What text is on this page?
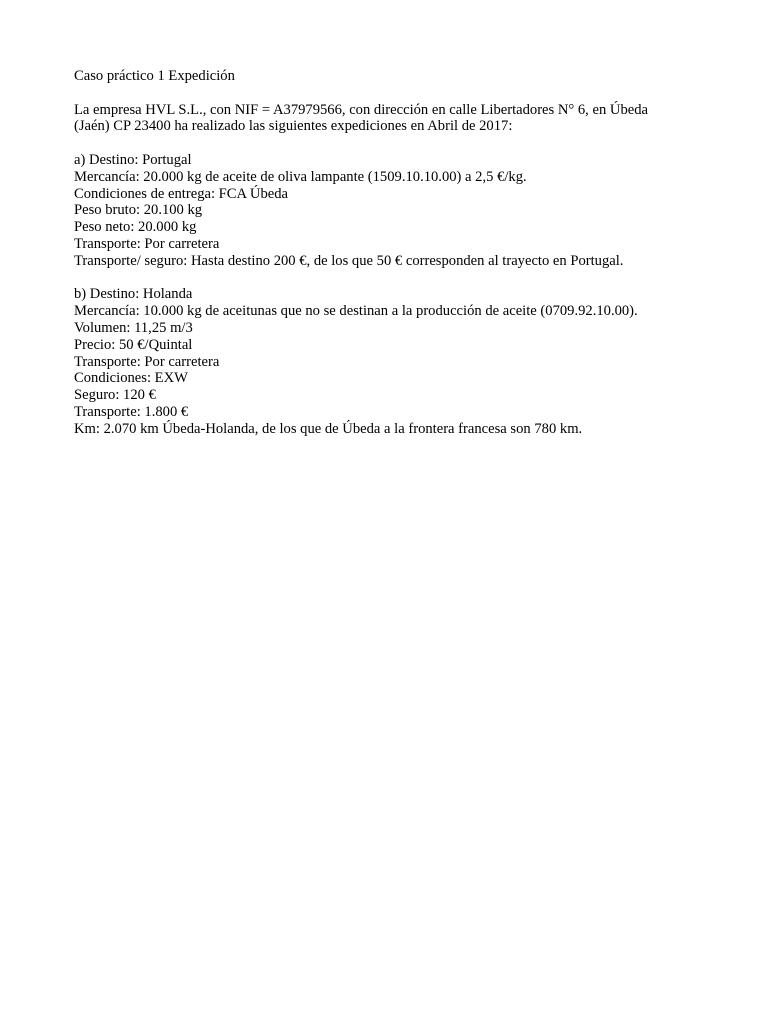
Caso práctico 1 Expedición
La empresa HVL S.L., con NIF = A37979566, con dirección en calle Libertadores N° 6, en Úbeda
(Jaén) CP 23400 ha realizado las siguientes expediciones en Abril de 2017:
a) Destino: Portugal
Mercancía: 20.000 kg de aceite de oliva lampante (1509.10.10.00) a 2,5 €/kg.
Condiciones de entrega: FCA Úbeda
Peso bruto: 20.100 kg
Peso neto: 20.000 kg
Transporte: Por carretera
Transporte/ seguro: Hasta destino 200 €, de los que 50 € corresponden al trayecto en Portugal.
b) Destino: Holanda
Mercancía: 10.000 kg de aceitunas que no se destinan a la producción de aceite (0709.92.10.00).
Volumen: 11,25 m/3
Precio: 50 €/Quintal
Transporte: Por carretera
Condiciones: EXW
Seguro: 120 €
Transporte: 1.800 €
Km: 2.070 km Úbeda-Holanda, de los que de Úbeda a la frontera francesa son 780 km.
